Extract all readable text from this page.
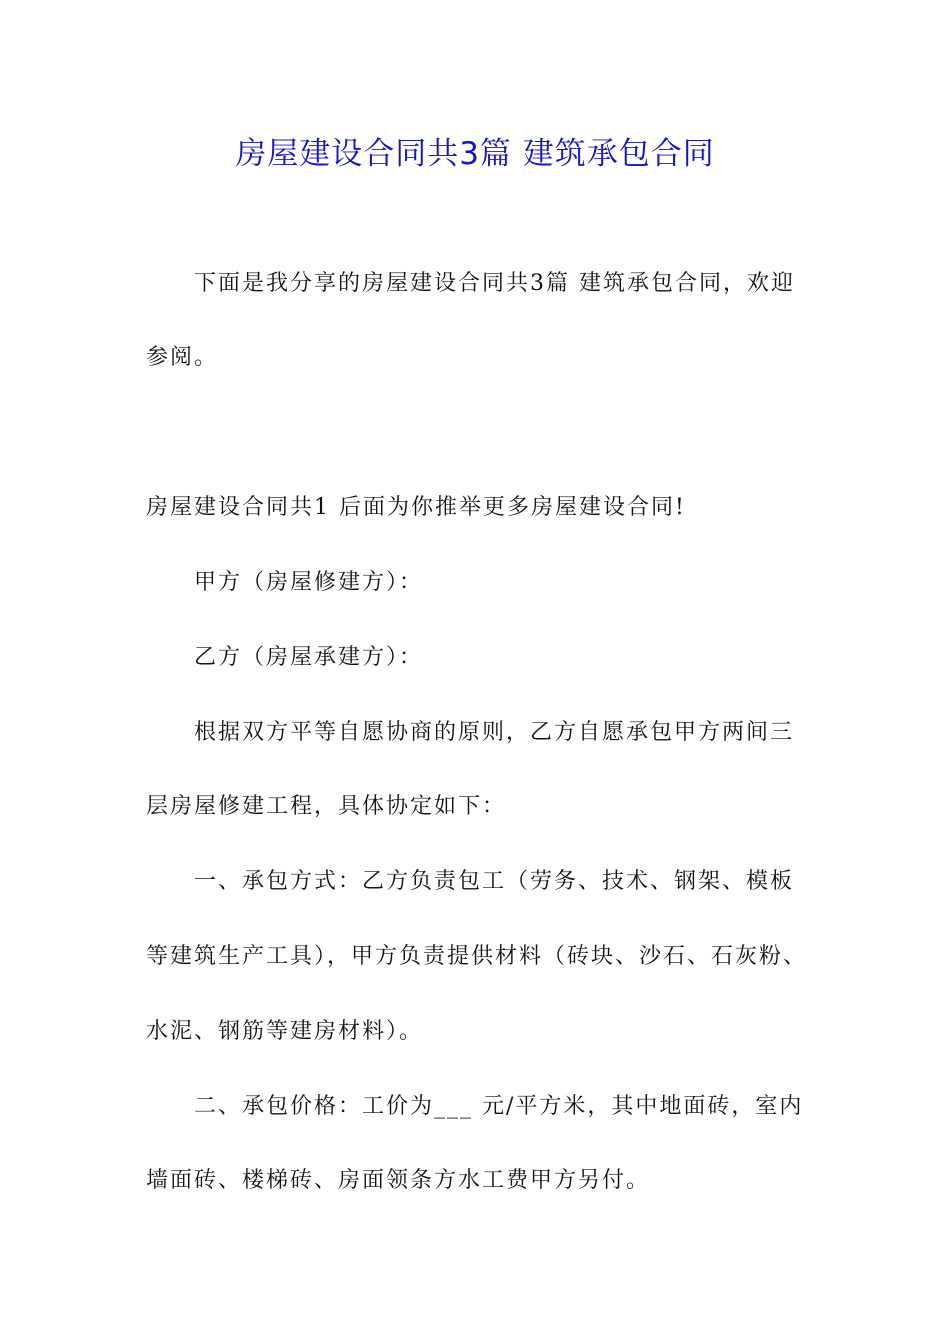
房屋建设合同共3篇 建筑承包合同
下面是我分享的房屋建设合同共3篇 建筑承包合同，欢迎
参阅。
房屋建设合同共1 后面为你推举更多房屋建设合同!
甲方（房屋修建方）：
乙方（房屋承建方）：
根据双方平等自愿协商的原则，乙方自愿承包甲方两间三
层房屋修建工程，具体协定如下：
一、承包方式：乙方负责包工（劳务、技术、钢架、模板
等建筑生产工具），甲方负责提供材料（砖块、沙石、石灰粉、
水泥、钢筋等建房材料）。
二、承包价格：工价为___ 元/平方米，其中地面砖，室内
墙面砖、楼梯砖、房面领条方水工费甲方另付。
